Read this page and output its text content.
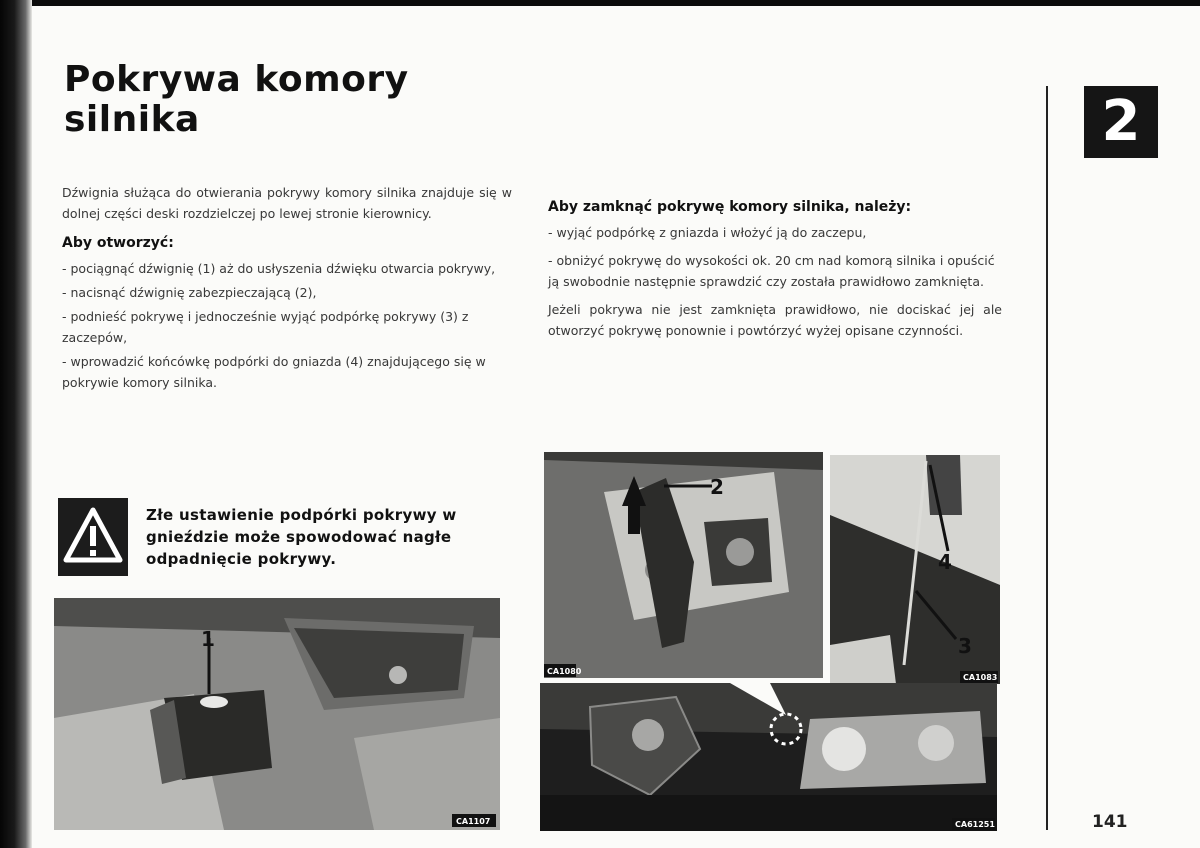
Pokrywa komory
silnika

Dźwignia służąca do otwierania pokrywy komory silnika znajduje się w dolnej części deski rozdzielczej po lewej stronie kierownicy.

Aby otworzyć:

- pociągnąć dźwignię (1) aż do usłyszenia dźwięku otwarcia pokrywy,

- nacisnąć dźwignię zabezpieczającą (2),

- podnieść pokrywę i jednocześnie wyjąć podpórkę pokrywy (3) z zaczepów,

- wprowadzić końcówkę podpórki do gniazda (4) znajdującego się w pokrywie komory silnika.

Złe ustawienie podpórki pokrywy w gnieździe może spowodować nagłe odpadnięcie pokrywy.

Aby zamknąć pokrywę komory silnika, należy:

- wyjąć podpórkę z gniazda i włożyć ją do zaczepu,

- obniżyć pokrywę do wysokości ok. 20 cm nad komorą silnika i opuścić ją swobodnie następnie sprawdzić czy została prawidłowo zamknięta.

Jeżeli pokrywa nie jest zamknięta prawidłowo, nie dociskać jej ale otworzyć pokrywę ponownie i powtórzyć wyżej opisane czynności.

2
141
1
CA1107
2
CA1080
4
3
CA1083
CA61251
